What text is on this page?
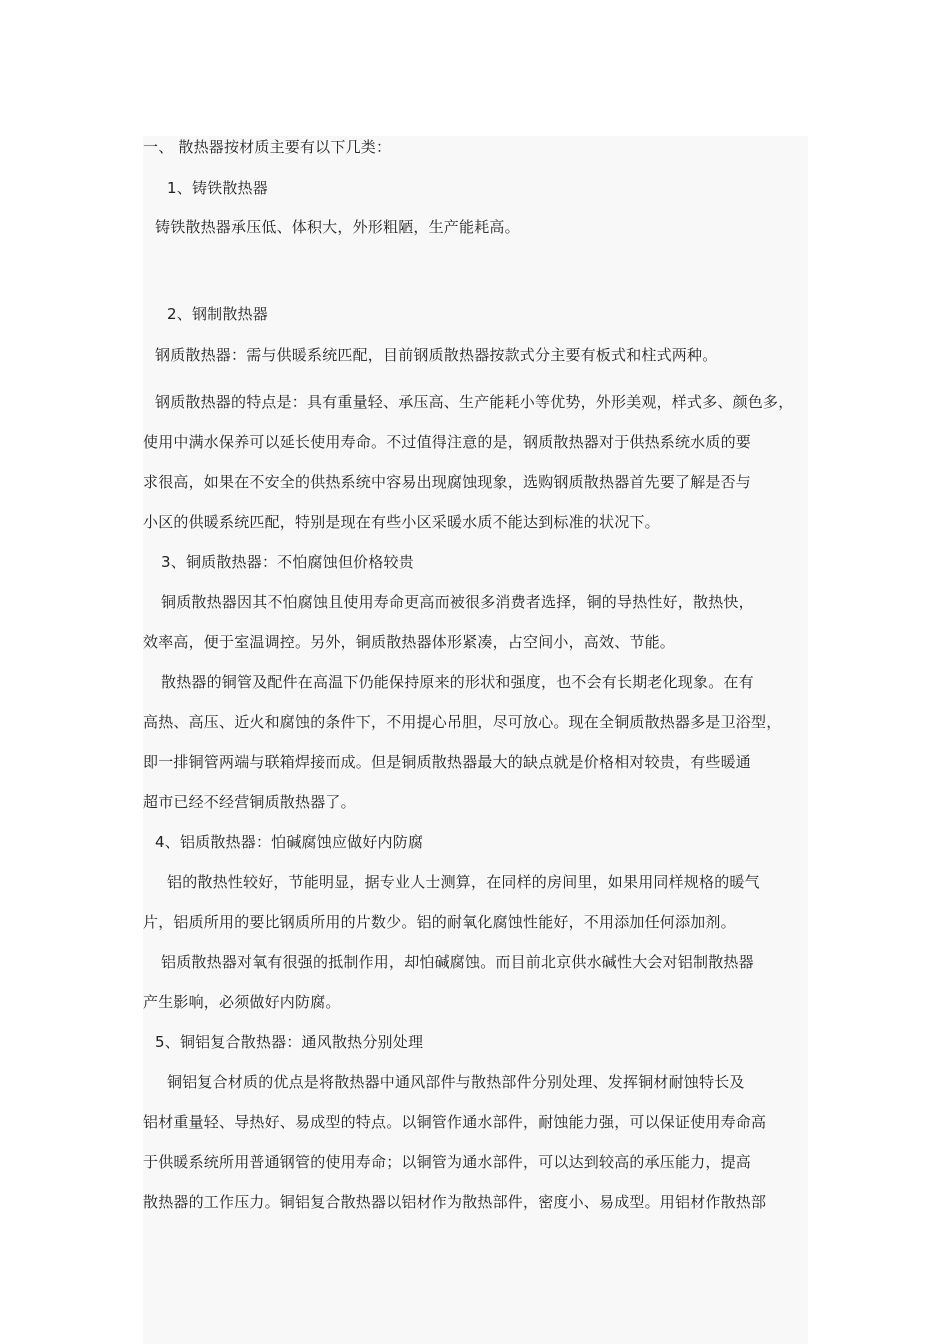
一、 散热器按材质主要有以下几类：
1、铸铁散热器
铸铁散热器承压低、体积大，外形粗陋，生产能耗高。
2、钢制散热器
钢质散热器：需与供暖系统匹配，目前钢质散热器按款式分主要有板式和柱式两种。
钢质散热器的特点是：具有重量轻、承压高、生产能耗小等优势，外形美观，样式多、颜色多，
使用中满水保养可以延长使用寿命。不过值得注意的是，钢质散热器对于供热系统水质的要
求很高，如果在不安全的供热系统中容易出现腐蚀现象，选购钢质散热器首先要了解是否与
小区的供暖系统匹配，特别是现在有些小区采暖水质不能达到标准的状况下。
3、铜质散热器：不怕腐蚀但价格较贵
铜质散热器因其不怕腐蚀且使用寿命更高而被很多消费者选择，铜的导热性好，散热快，
效率高，便于室温调控。另外，铜质散热器体形紧凑，占空间小，高效、节能。
散热器的铜管及配件在高温下仍能保持原来的形状和强度，也不会有长期老化现象。在有
高热、高压、近火和腐蚀的条件下，不用提心吊胆，尽可放心。现在全铜质散热器多是卫浴型，
即一排铜管两端与联箱焊接而成。但是铜质散热器最大的缺点就是价格相对较贵，有些暖通
超市已经不经营铜质散热器了。
4、铝质散热器：怕碱腐蚀应做好内防腐
铝的散热性较好，节能明显，据专业人士测算，在同样的房间里，如果用同样规格的暖气
片，铝质所用的要比钢质所用的片数少。铝的耐氧化腐蚀性能好，不用添加任何添加剂。
铝质散热器对氧有很强的抵制作用，却怕碱腐蚀。而目前北京供水碱性大会对铝制散热器
产生影响，必须做好内防腐。
5、铜铝复合散热器：通风散热分别处理
铜铝复合材质的优点是将散热器中通风部件与散热部件分别处理、发挥铜材耐蚀特长及
铝材重量轻、导热好、易成型的特点。以铜管作通水部件，耐蚀能力强，可以保证使用寿命高
于供暖系统所用普通钢管的使用寿命；以铜管为通水部件，可以达到较高的承压能力，提高
散热器的工作压力。铜铝复合散热器以铝材作为散热部件，密度小、易成型。用铝材作散热部
